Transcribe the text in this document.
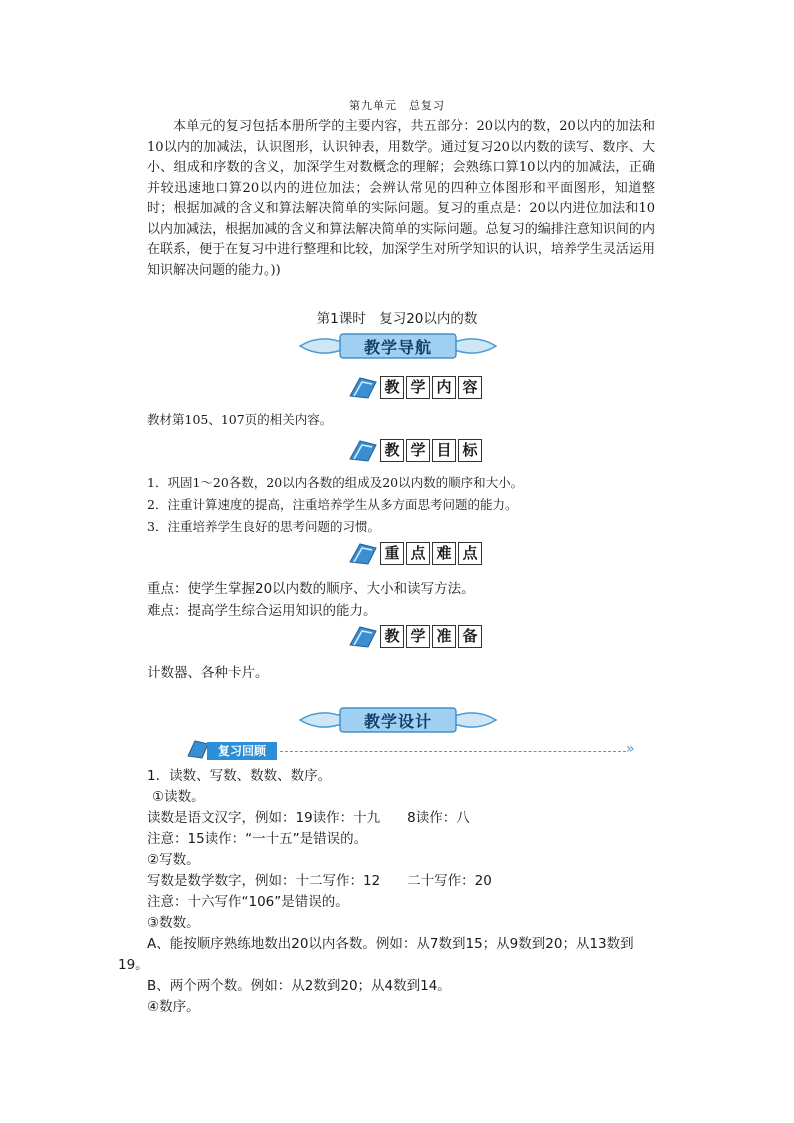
第九单元　总复习
本单元的复习包括本册所学的主要内容，共五部分：20以内的数，20以内的加法和10以内的加减法，认识图形，认识钟表，用数学。通过复习20以内数的读写、数序、大小、组成和序数的含义，加深学生对数概念的理解；会熟练口算10以内的加减法，正确并较迅速地口算20以内的进位加法；会辨认常见的四种立体图形和平面图形，知道整时；根据加减的含义和算法解决简单的实际问题。复习的重点是：20以内进位加法和10以内加减法，根据加减的含义和算法解决简单的实际问题。总复习的编排注意知识间的内在联系，便于在复习中进行整理和比较，加深学生对所学知识的认识，培养学生灵活运用知识解决问题的能力。))
第1课时　复习20以内的数
教学导航
教 学 内 容
教材第105、107页的相关内容。
教 学 目 标
1．巩固1～20各数，20以内各数的组成及20以内数的顺序和大小。
2．注重计算速度的提高，注重培养学生从多方面思考问题的能力。
3．注重培养学生良好的思考问题的习惯。
重 点 难 点
重点：使学生掌握20以内数的顺序、大小和读写方法。
难点：提高学生综合运用知识的能力。
教 学 准 备
计数器、各种卡片。
教学设计
复习回顾	»
1．读数、写数、数数、数序。
①读数。
读数是语文汉字，例如：19读作：十九　　8读作：八
注意：15读作：“一十五”是错误的。
②写数。
写数是数学数字，例如：十二写作：12　　二十写作：20
注意：十六写作“106”是错误的。
③数数。
A、能按顺序熟练地数出20以内各数。例如：从7数到15；从9数到20；从13数到
19。
B、两个两个数。例如：从2数到20；从4数到14。
④数序。
